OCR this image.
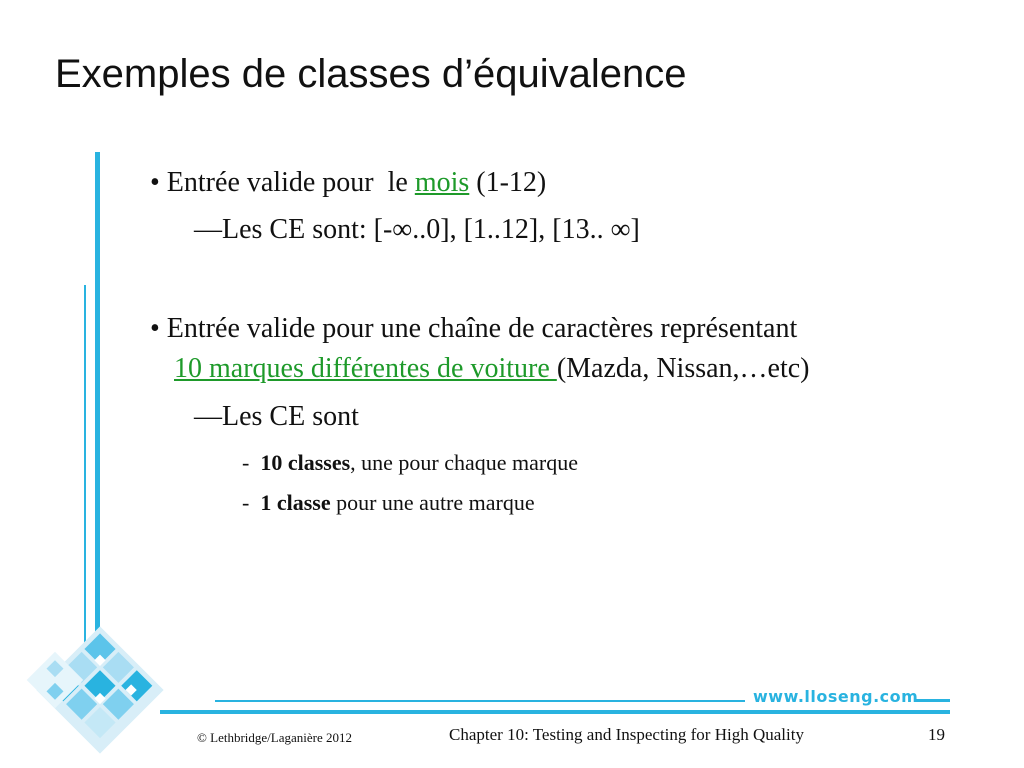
Exemples de classes d’équivalence
• Entrée valide pour  le mois (1-12)
—Les CE sont: [-∞..0], [1..12], [13.. ∞]
• Entrée valide pour une chaîne de caractères représentant
10 marques différentes de voiture (Mazda, Nissan,…etc)
—Les CE sont
- 10 classes, une pour chaque marque
- 1 classe pour une autre marque
www.lloseng.com
© Lethbridge/Laganière 2012	Chapter 10: Testing and Inspecting for High Quality	19
